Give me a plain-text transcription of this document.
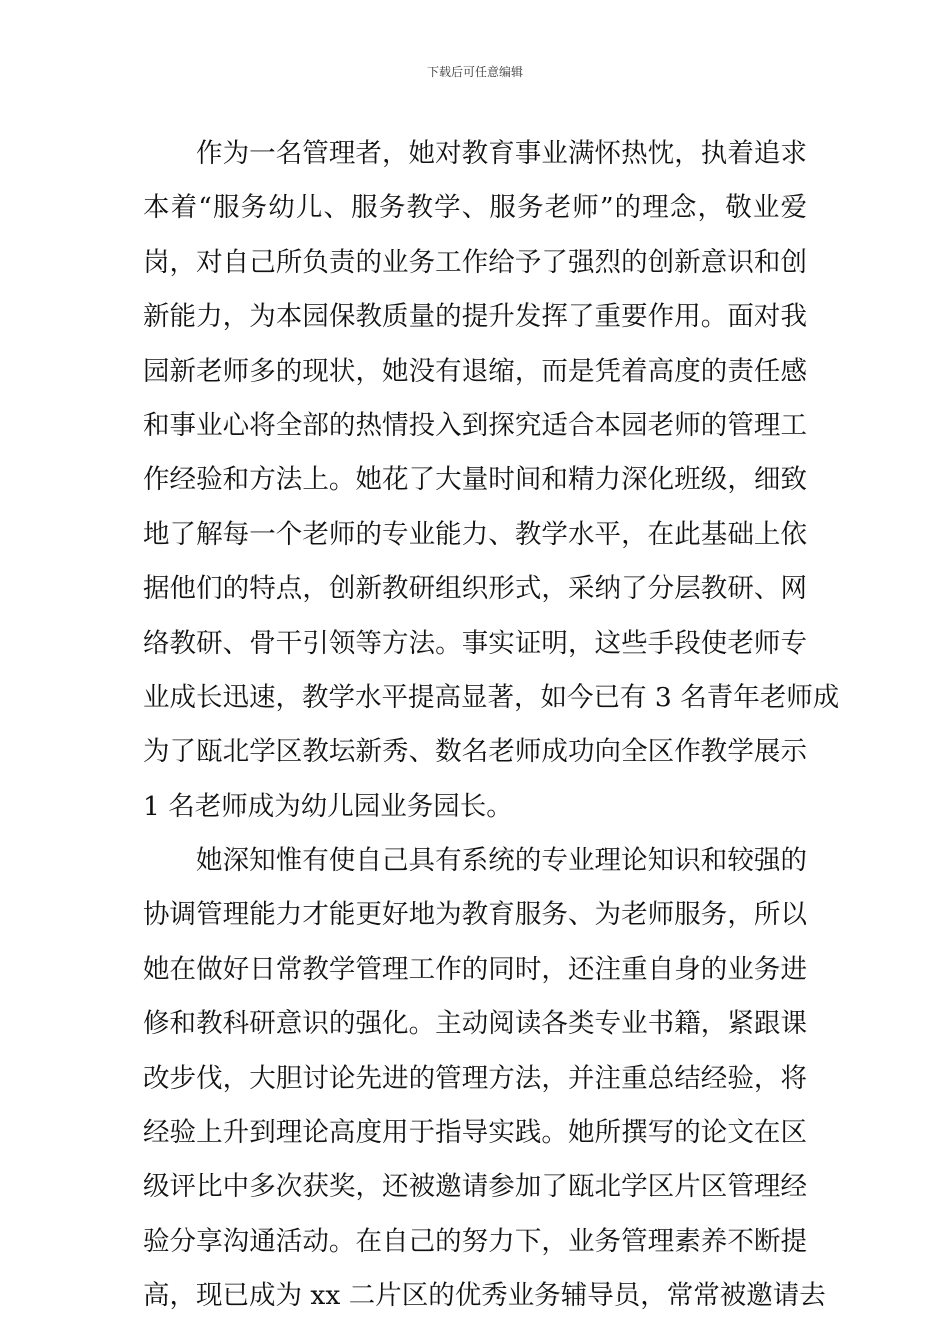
下载后可任意编辑
作为一名管理者，她对教育事业满怀热忱，执着追求
本着“服务幼儿、服务教学、服务老师”的理念，敬业爱
岗，对自己所负责的业务工作给予了强烈的创新意识和创
新能力，为本园保教质量的提升发挥了重要作用。面对我
园新老师多的现状，她没有退缩，而是凭着高度的责任感
和事业心将全部的热情投入到探究适合本园老师的管理工
作经验和方法上。她花了大量时间和精力深化班级，细致
地了解每一个老师的专业能力、教学水平，在此基础上依
据他们的特点，创新教研组织形式，采纳了分层教研、网
络教研、骨干引领等方法。事实证明，这些手段使老师专
业成长迅速，教学水平提高显著，如今已有 3 名青年老师成
为了瓯北学区教坛新秀、数名老师成功向全区作教学展示
1 名老师成为幼儿园业务园长。
她深知惟有使自己具有系统的专业理论知识和较强的
协调管理能力才能更好地为教育服务、为老师服务，所以
她在做好日常教学管理工作的同时，还注重自身的业务进
修和教科研意识的强化。主动阅读各类专业书籍，紧跟课
改步伐，大胆讨论先进的管理方法，并注重总结经验，将
经验上升到理论高度用于指导实践。她所撰写的论文在区
级评比中多次获奖，还被邀请参加了瓯北学区片区管理经
验分享沟通活动。在自己的努力下，业务管理素养不断提
高，现已成为 xx 二片区的优秀业务辅导员，常常被邀请去
